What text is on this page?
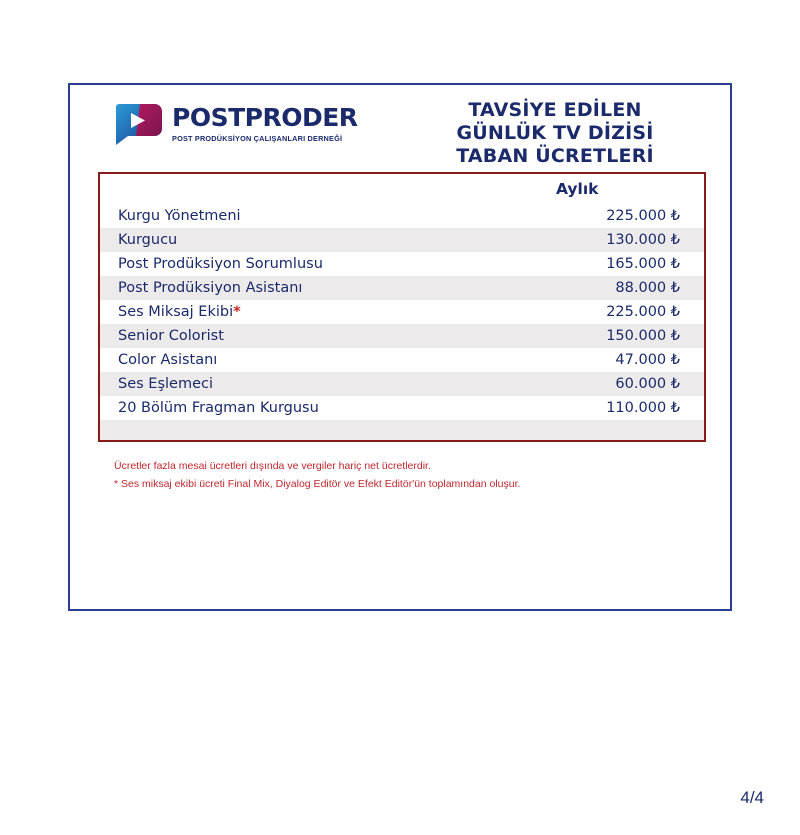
POSTPRODER
POST PRODÜKSİYON ÇALIŞANLARI DERNEĞİ
TAVSİYE EDİLEN
GÜNLÜK TV DİZİSİ
TABAN ÜCRETLERİ
	Aylık
Kurgu Yönetmeni	225.000 ₺
Kurgucu	130.000 ₺
Post Prodüksiyon Sorumlusu	165.000 ₺
Post Prodüksiyon Asistanı	88.000 ₺
Ses Miksaj Ekibi*	225.000 ₺
Senior Colorist	150.000 ₺
Color Asistanı	47.000 ₺
Ses Eşlemeci	60.000 ₺
20 Bölüm Fragman Kurgusu	110.000 ₺

Ücretler fazla mesai ücretleri dışında ve vergiler hariç net ücretlerdir.
* Ses miksaj ekibi ücreti Final Mix, Diyalog Editör ve Efekt Editör'ün toplamından oluşur.
4/4
